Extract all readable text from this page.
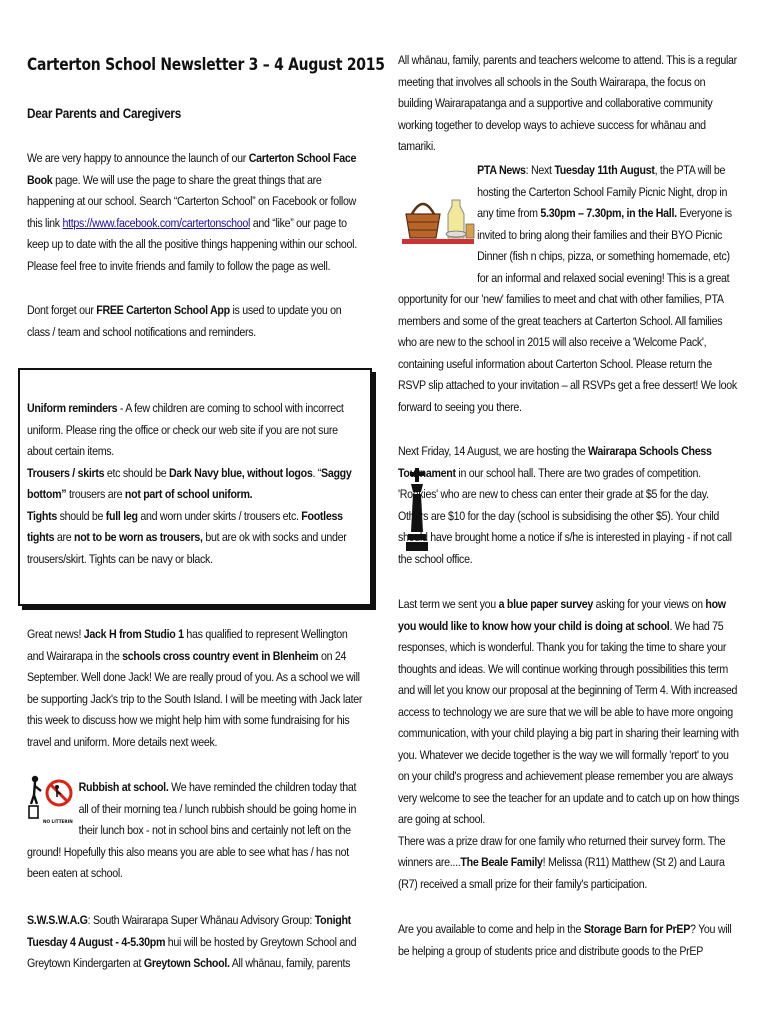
Carterton School Newsletter 3 – 4 August 2015
Dear Parents and Caregivers

We are very happy to announce the launch of our Carterton School Face Book page. We will use the page to share the great things that are happening at our school. Search “Carterton School” on Facebook or follow this link https://www.facebook.com/cartertonschool and “like” our page to keep up to date with the all the positive things happening within our school. Please feel free to invite friends and family to follow the page as well.

Dont forget our FREE Carterton School App is used to update you on class / team and school notifications and reminders.

Uniform reminders - A few children are coming to school with incorrect uniform. Please ring the office or check our web site if you are not sure about certain items.
Trousers / skirts etc should be Dark Navy blue, without logos. “Saggy bottom” trousers are not part of school uniform.
Tights should be full leg and worn under skirts / trousers etc. Footless tights are not to be worn as trousers, but are ok with socks and under trousers/skirt. Tights can be navy or black.

Great news! Jack H from Studio 1 has qualified to represent Wellington and Wairarapa in the schools cross country event in Blenheim on 24 September. Well done Jack! We are really proud of you. As a school we will be supporting Jack's trip to the South Island. I will be meeting with Jack later this week to discuss how we might help him with some fundraising for his travel and uniform. More details next week.

NO LITTERING

Rubbish at school. We have reminded the children today that all of their morning tea / lunch rubbish should be going home in their lunch box - not in school bins and certainly not left on the ground! Hopefully this also means you are able to see what has / has not been eaten at school.

S.W.S.W.A.G: South Wairarapa Super Whānau Advisory Group: Tonight Tuesday 4 August - 4-5.30pm hui will be hosted by Greytown School and Greytown Kindergarten at Greytown School. All whānau, family, parents

All whānau, family, parents and teachers welcome to attend. This is a regular meeting that involves all schools in the South Wairarapa, the focus on building Wairarapatanga and a supportive and collaborative community working together to develop ways to achieve success for whānau and tamariki.

PTA News: Next Tuesday 11th August, the PTA will be hosting the Carterton School Family Picnic Night, drop in any time from 5.30pm – 7.30pm, in the Hall. Everyone is invited to bring along their families and their BYO Picnic Dinner (fish n chips, pizza, or something homemade, etc) for an informal and relaxed social evening! This is a great opportunity for our 'new' families to meet and chat with other families, PTA members and some of the great teachers at Carterton School. All families who are new to the school in 2015 will also receive a 'Welcome Pack', containing useful information about Carterton School. Please return the RSVP slip attached to your invitation – all RSVPs get a free dessert! We look forward to seeing you there.

Next Friday, 14 August, we are hosting the Wairarapa Schools Chess Tournament in our school hall. There are two grades of competition. 'Rookies' who are new to chess can enter their grade at $5 for the day. Others are $10 for the day (school is subsidising the other $5). Your child should have brought home a notice if s/he is interested in playing - if not call the school office.

Last term we sent you a blue paper survey asking for your views on how you would like to know how your child is doing at school. We had 75 responses, which is wonderful. Thank you for taking the time to share your thoughts and ideas. We will continue working through possibilities this term and will let you know our proposal at the beginning of Term 4. With increased access to technology we are sure that we will be able to have more ongoing communication, with your child playing a big part in sharing their learning with you. Whatever we decide together is the way we will formally 'report' to you on your child's progress and achievement please remember you are always very welcome to see the teacher for an update and to catch up on how things are going at school.
There was a prize draw for one family who returned their survey form. The winners are....The Beale Family! Melissa (R11) Matthew (St 2) and Laura (R7) received a small prize for their family's participation.

Are you available to come and help in the Storage Barn for PrEP? You will be helping a group of students price and distribute goods to the PrEP
